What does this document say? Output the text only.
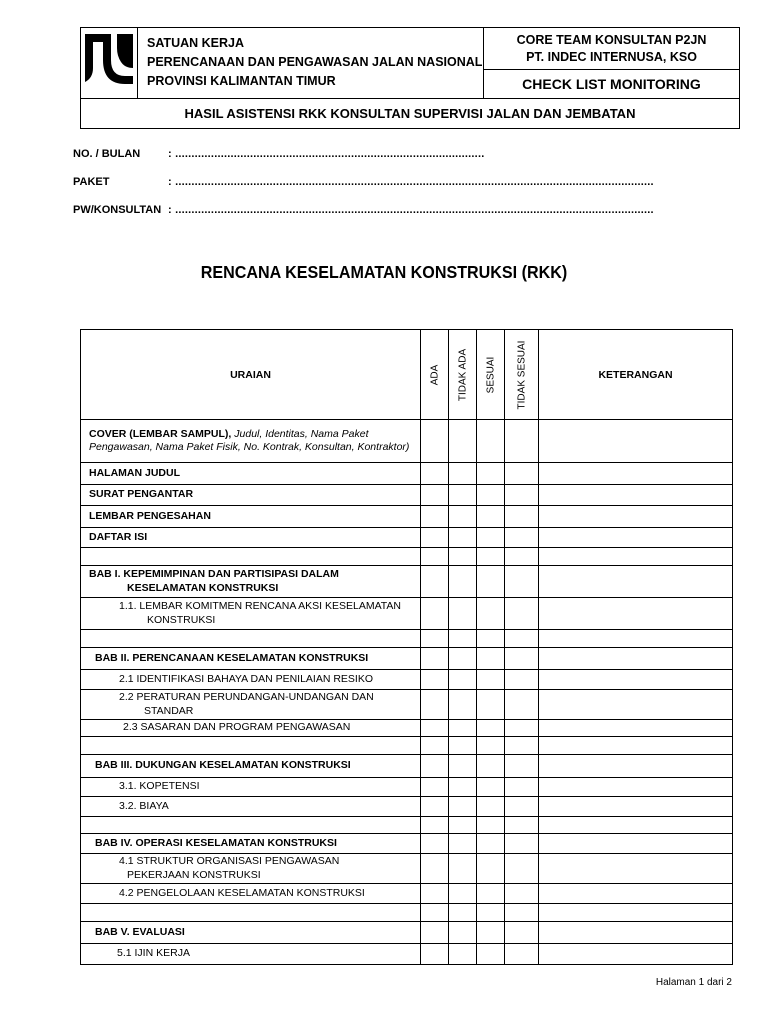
SATUAN KERJA
PERENCANAAN DAN PENGAWASAN JALAN NASIONAL
PROVINSI KALIMANTAN TIMUR
CORE TEAM KONSULTAN P2JN
PT. INDEC INTERNUSA, KSO
CHECK LIST MONITORING
HASIL ASISTENSI RKK KONSULTAN SUPERVISI JALAN DAN JEMBATAN
NO. / BULAN	: ...............................................................................................
PAKET	: ...................................................................................................................................................
PW/KONSULTAN : ...................................................................................................................................................
RENCANA KESELAMATAN KONSTRUKSI (RKK)
URAIAN	ADA	TIDAK ADA	SESUAI	TIDAK SESUAI	KETERANGAN
COVER (LEMBAR SAMPUL), Judul, Identitas, Nama Paket Pengawasan, Nama Paket Fisik, No. Kontrak, Konsultan, Kontraktor)					
HALAMAN JUDUL					
SURAT PENGANTAR					
LEMBAR PENGESAHAN					
DAFTAR ISI					

BAB I. KEPEMIMPINAN DAN PARTISIPASI DALAM
KESELAMATAN KONSTRUKSI					

1.1. LEMBAR KOMITMEN RENCANA AKSI KESELAMATAN
KONSTRUKSI					

BAB II. PERENCANAAN KESELAMATAN KONSTRUKSI					
2.1 IDENTIFIKASI BAHAYA DAN PENILAIAN RESIKO					

2.2 PERATURAN PERUNDANGAN-UNDANGAN DAN
STANDAR					

2.3 SASARAN DAN PROGRAM PENGAWASAN					

BAB III. DUKUNGAN KESELAMATAN KONSTRUKSI					
3.1. KOPETENSI					
3.2. BIAYA					

BAB IV. OPERASI KESELAMATAN KONSTRUKSI					

4.1 STRUKTUR ORGANISASI PENGAWASAN
PEKERJAAN KONSTRUKSI					

4.2 PENGELOLAAN KESELAMATAN KONSTRUKSI					

BAB V. EVALUASI					
5.1 IJIN KERJA					
Halaman 1 dari 2
